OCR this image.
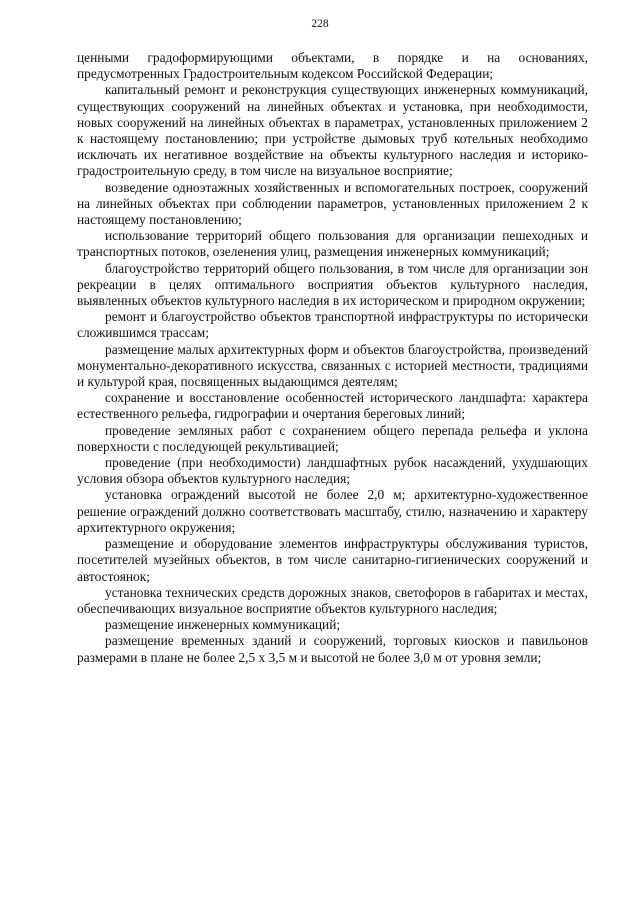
228

ценными градоформирующими объектами, в порядке и на основаниях, предусмотренных Градостроительным кодексом Российской Федерации;

капитальный ремонт и реконструкция существующих инженерных коммуникаций, существующих сооружений на линейных объектах и установка, при необходимости, новых сооружений на линейных объектах в параметрах, установленных приложением 2 к настоящему постановлению; при устройстве дымовых труб котельных необходимо исключать их негативное воздействие на объекты культурного наследия и историко-градостроительную среду, в том числе на визуальное восприятие;

возведение одноэтажных хозяйственных и вспомогательных построек, сооружений на линейных объектах при соблюдении параметров, установленных приложением 2 к настоящему постановлению;

использование территорий общего пользования для организации пешеходных и транспортных потоков, озеленения улиц, размещения инженерных коммуникаций;

благоустройство территорий общего пользования, в том числе для организации зон рекреации в целях оптимального восприятия объектов культурного наследия, выявленных объектов культурного наследия в их историческом и природном окружении;

ремонт и благоустройство объектов транспортной инфраструктуры по исторически сложившимся трассам;

размещение малых архитектурных форм и объектов благоустройства, произведений монументально-декоративного искусства, связанных с историей местности, традициями и культурой края, посвященных выдающимся деятелям;

сохранение и восстановление особенностей исторического ландшафта: характера естественного рельефа, гидрографии и очертания береговых линий;

проведение земляных работ с сохранением общего перепада рельефа и уклона поверхности с последующей рекультивацией;

проведение (при необходимости) ландшафтных рубок насаждений, ухудшающих условия обзора объектов культурного наследия;

установка ограждений высотой не более 2,0 м; архитектурно-художественное решение ограждений должно соответствовать масштабу, стилю, назначению и характеру архитектурного окружения;

размещение и оборудование элементов инфраструктуры обслуживания туристов, посетителей музейных объектов, в том числе санитарно-гигиенических сооружений и автостоянок;

установка технических средств дорожных знаков, светофоров в габаритах и местах, обеспечивающих визуальное восприятие объектов культурного наследия;

размещение инженерных коммуникаций;

размещение временных зданий и сооружений, торговых киосков и павильонов размерами в плане не более 2,5 х 3,5 м и высотой не более 3,0 м от уровня земли;
